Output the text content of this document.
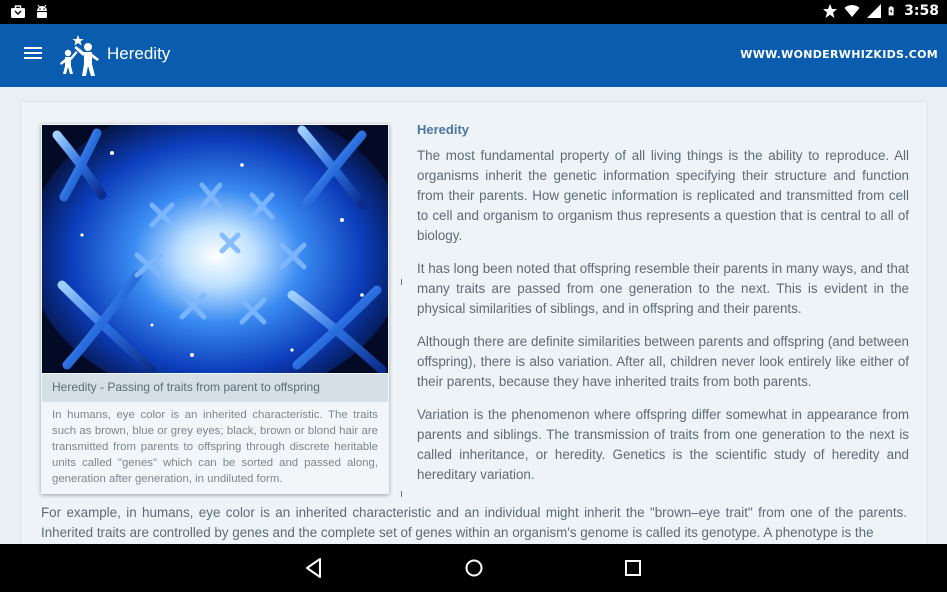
3:58
Heredity	WWW.WONDERWHIZKIDS.COM
Heredity - Passing of traits from parent to offspring
In humans, eye color is an inherited characteristic. The traits such as brown, blue or grey eyes; black, brown or blond hair are transmitted from parents to offspring through discrete heritable units called "genes" which can be sorted and passed along, generation after generation, in undiluted form.
Heredity

The most fundamental property of all living things is the ability to reproduce. All organisms inherit the genetic information specifying their structure and function from their parents. How genetic information is replicated and transmitted from cell to cell and organism to organism thus represents a question that is central to all of biology.

It has long been noted that offspring resemble their parents in many ways, and that many traits are passed from one generation to the next. This is evident in the physical similarities of siblings, and in offspring and their parents.

Although there are definite similarities between parents and offspring (and between offspring), there is also variation. After all, children never look entirely like either of their parents, because they have inherited traits from both parents.

Variation is the phenomenon where offspring differ somewhat in appearance from parents and siblings. The transmission of traits from one generation to the next is called inheritance, or heredity. Genetics is the scientific study of heredity and hereditary variation.

For example, in humans, eye color is an inherited characteristic and an individual might inherit the "brown–eye trait" from one of the parents. Inherited traits are controlled by genes and the complete set of genes within an organism's genome is called its genotype. A phenotype is the
